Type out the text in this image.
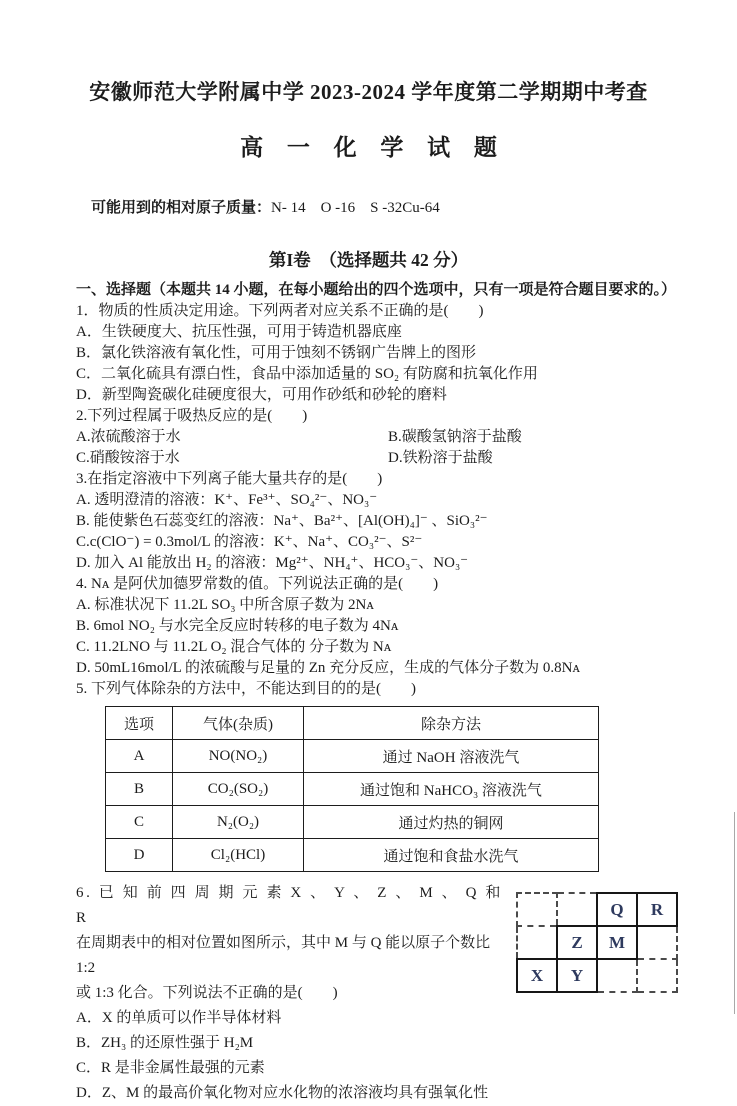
安徽师范大学附属中学 2023-2024 学年度第二学期期中考查
高 一 化 学 试 题

可能用到的相对原子质量：N- 14　O -16　S -32Cu-64

第I卷　（选择题共 42 分）
一、选择题（本题共 14 小题，在每小题给出的四个选项中，只有一项是符合题目要求的。）
1．物质的性质决定用途。下列两者对应关系不正确的是(　　)
A．生铁硬度大、抗压性强，可用于铸造机器底座
B．氯化铁溶液有氧化性，可用于蚀刻不锈钢广告牌上的图形
C．二氧化硫具有漂白性，食品中添加适量的 SO₂ 有防腐和抗氧化作用
D．新型陶瓷碳化硅硬度很大，可用作砂纸和砂轮的磨料
2.下列过程属于吸热反应的是(　　)
A.浓硫酸溶于水	B.碳酸氢钠溶于盐酸
C.硝酸铵溶于水	D.铁粉溶于盐酸
3.在指定溶液中下列离子能大量共存的是(　　)
A. 透明澄清的溶液：K⁺、Fe³⁺、SO₄²⁻、NO₃⁻
B. 能使紫色石蕊变红的溶液：Na⁺、Ba²⁺、[Al(OH)₄]⁻ 、SiO₃²⁻
C.c(ClO⁻) = 0.3mol/L 的溶液：K⁺、Na⁺、CO₃²⁻、S²⁻
D. 加入 Al 能放出 H₂ 的溶液：Mg²⁺、NH₄⁺、HCO₃⁻、NO₃⁻
4. Nᴀ 是阿伏加德罗常数的值。下列说法正确的是(　　)
A. 标准状况下 11.2L SO₃ 中所含原子数为 2Nᴀ
B. 6mol NO₂ 与水完全反应时转移的电子数为 4Nᴀ
C. 11.2LNO 与 11.2L O₂ 混合气体的 分子数为 Nᴀ
D. 50mL16mol/L 的浓硫酸与足量的 Zn 充分反应，生成的气体分子数为 0.8Nᴀ
5. 下列气体除杂的方法中，不能达到目的的是(　　)
选项	气体(杂质)	除杂方法
A	NO(NO₂)	通过 NaOH 溶液洗气
B	CO₂(SO₂)	通过饱和 NaHCO₃ 溶液洗气
C	N₂(O₂)	通过灼热的铜网
D	Cl₂(HCl)	通过饱和食盐水洗气
		Q	R
	Z	M	
X	Y		
6. 已 知 前 四 周 期 元 素 X 、 Y 、 Z 、 M 、 Q 和 R
在周期表中的相对位置如图所示，其中 M 与 Q 能以原子个数比 1:2
或 1:3 化合。下列说法不正确的是(　　)
A．X 的单质可以作半导体材料
B．ZH₃ 的还原性强于 H₂M
C．R 是非金属性最强的元素
D．Z、M 的最高价氧化物对应水化物的浓溶液均具有强氧化性
